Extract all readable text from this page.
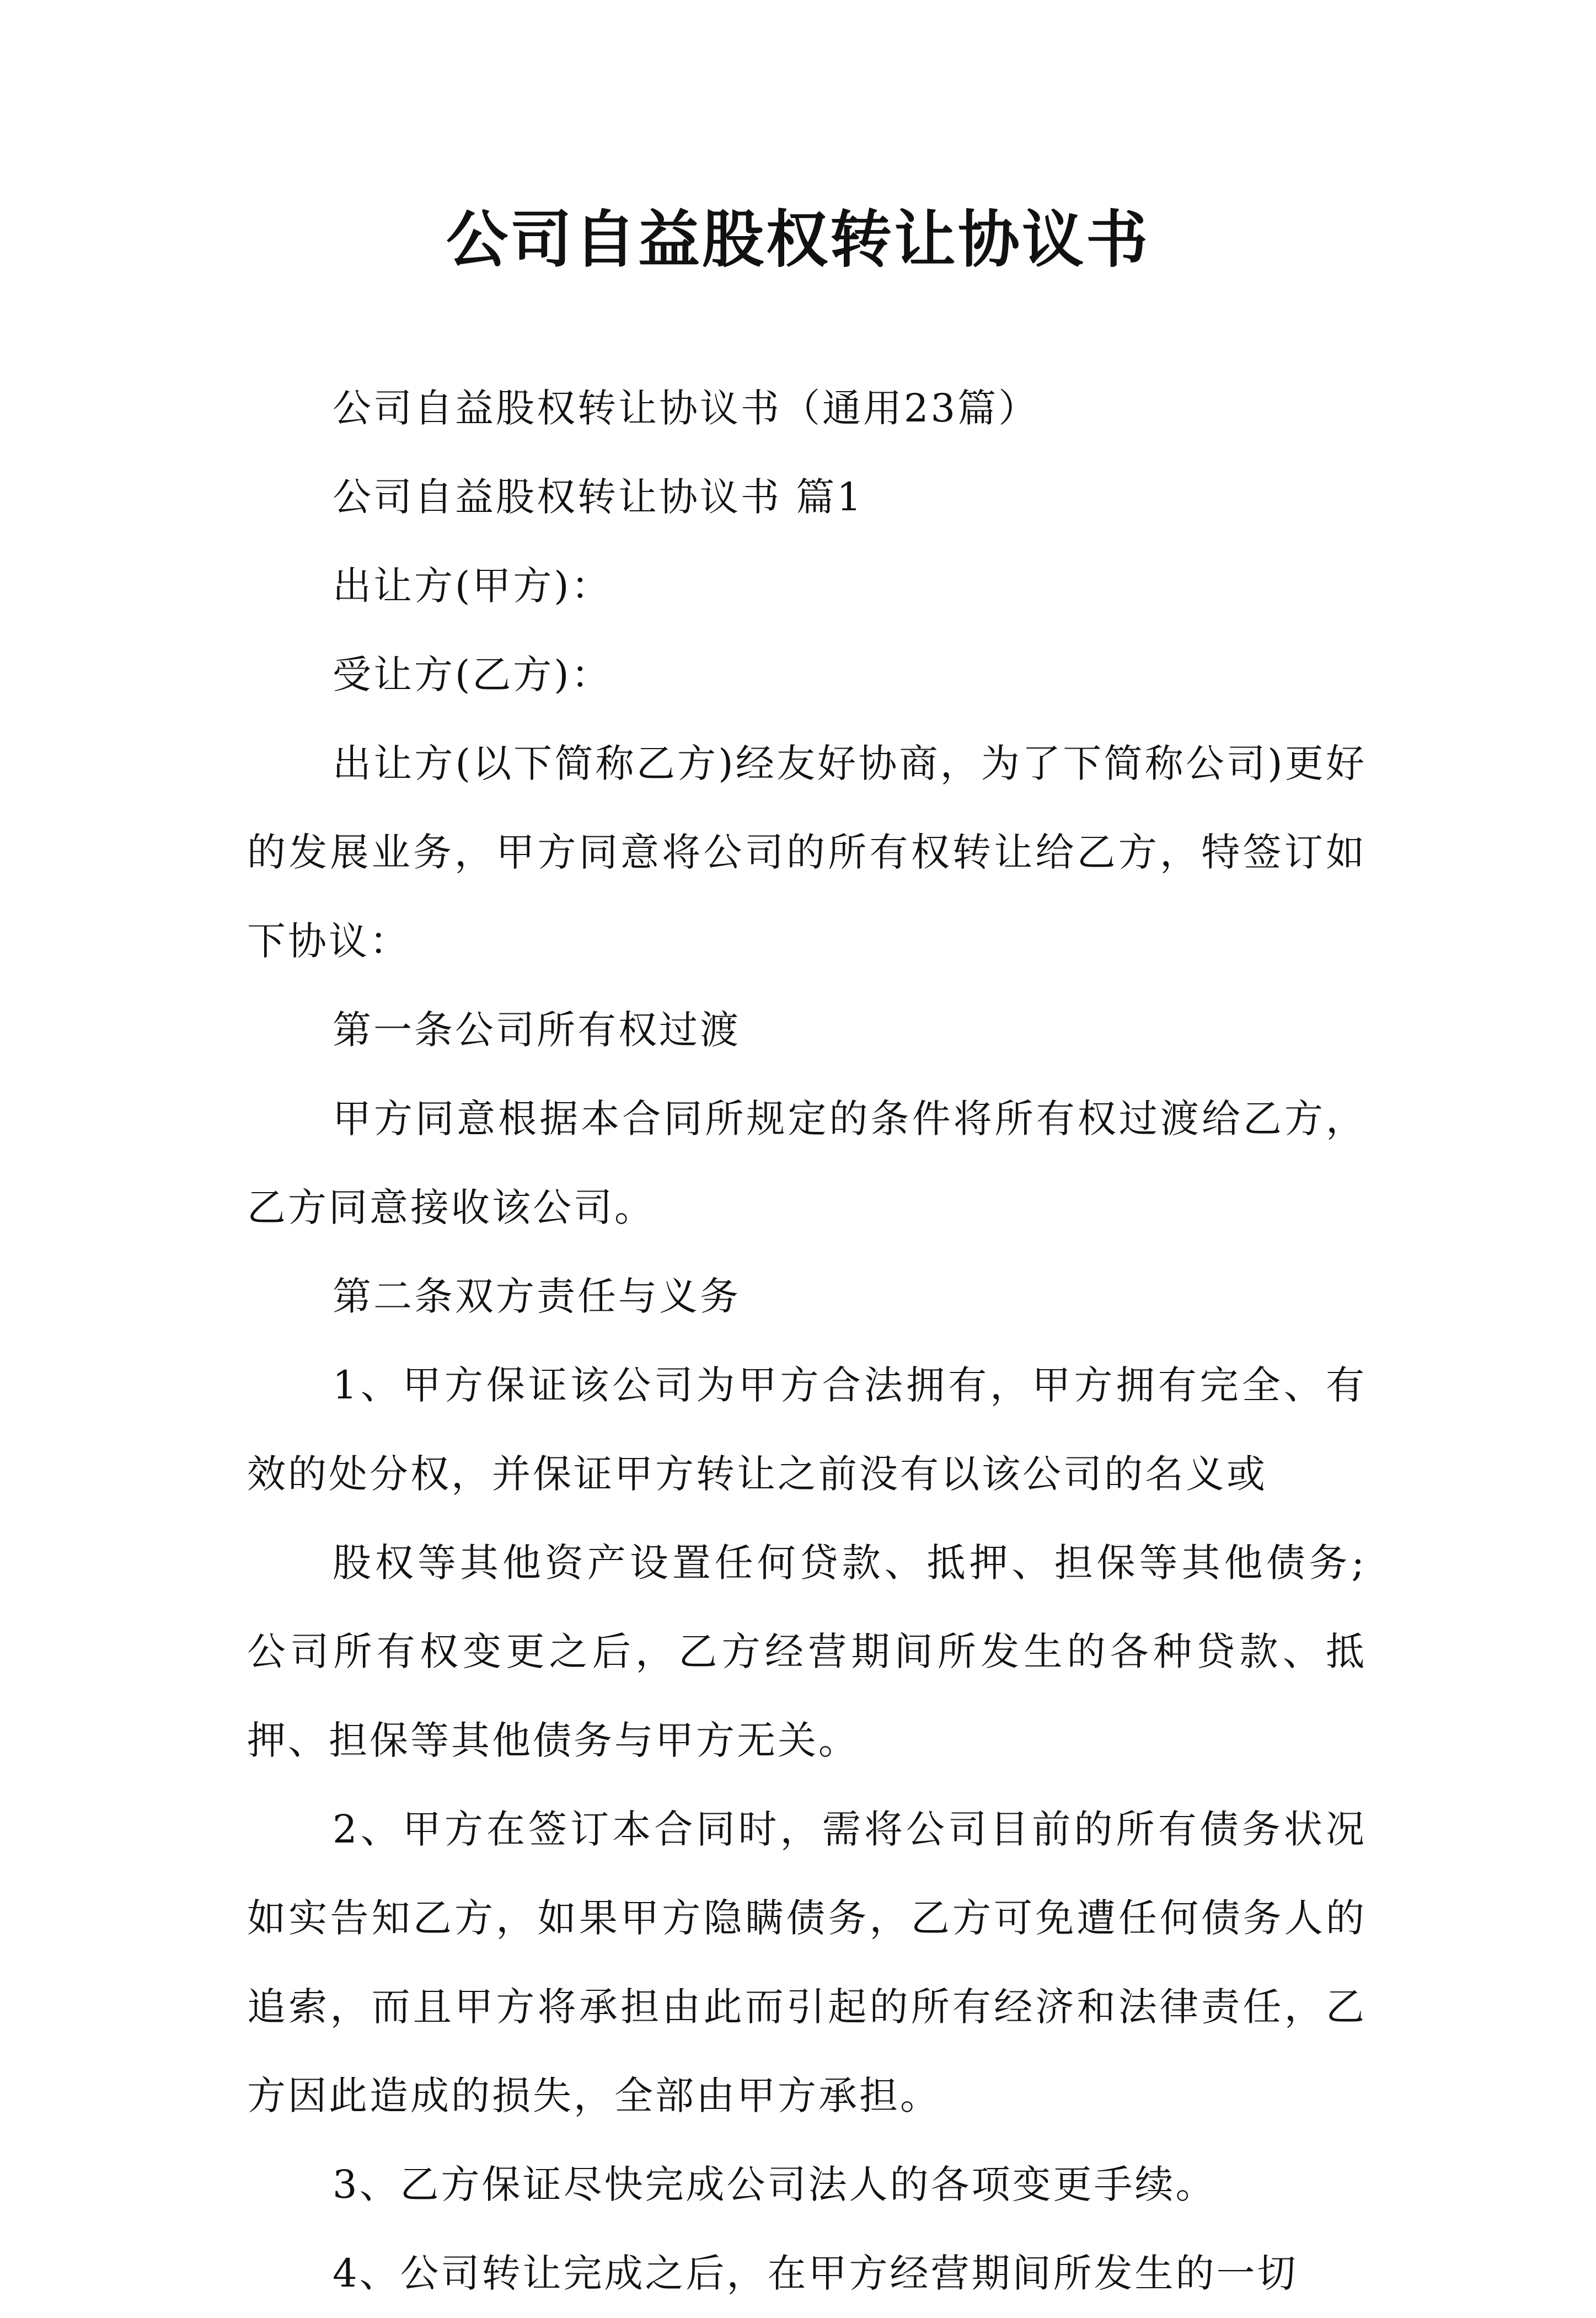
公司自益股权转让协议书

公司自益股权转让协议书（通用23篇）

公司自益股权转让协议书 篇1

出让方(甲方)：

受让方(乙方)：

出让方(以下简称乙方)经友好协商，为了下简称公司)更好的发展业务，甲方同意将公司的所有权转让给乙方，特签订如下协议：

第一条公司所有权过渡

甲方同意根据本合同所规定的条件将所有权过渡给乙方，乙方同意接收该公司。

第二条双方责任与义务

1、甲方保证该公司为甲方合法拥有，甲方拥有完全、有效的处分权，并保证甲方转让之前没有以该公司的名义或

股权等其他资产设置任何贷款、抵押、担保等其他债务;公司所有权变更之后，乙方经营期间所发生的各种贷款、抵押、担保等其他债务与甲方无关。

2、甲方在签订本合同时，需将公司目前的所有债务状况如实告知乙方，如果甲方隐瞒债务，乙方可免遭任何债务人的追索，而且甲方将承担由此而引起的所有经济和法律责任，乙方因此造成的损失，全部由甲方承担。

3、乙方保证尽快完成公司法人的各项变更手续。

4、公司转让完成之后，在甲方经营期间所发生的一切
